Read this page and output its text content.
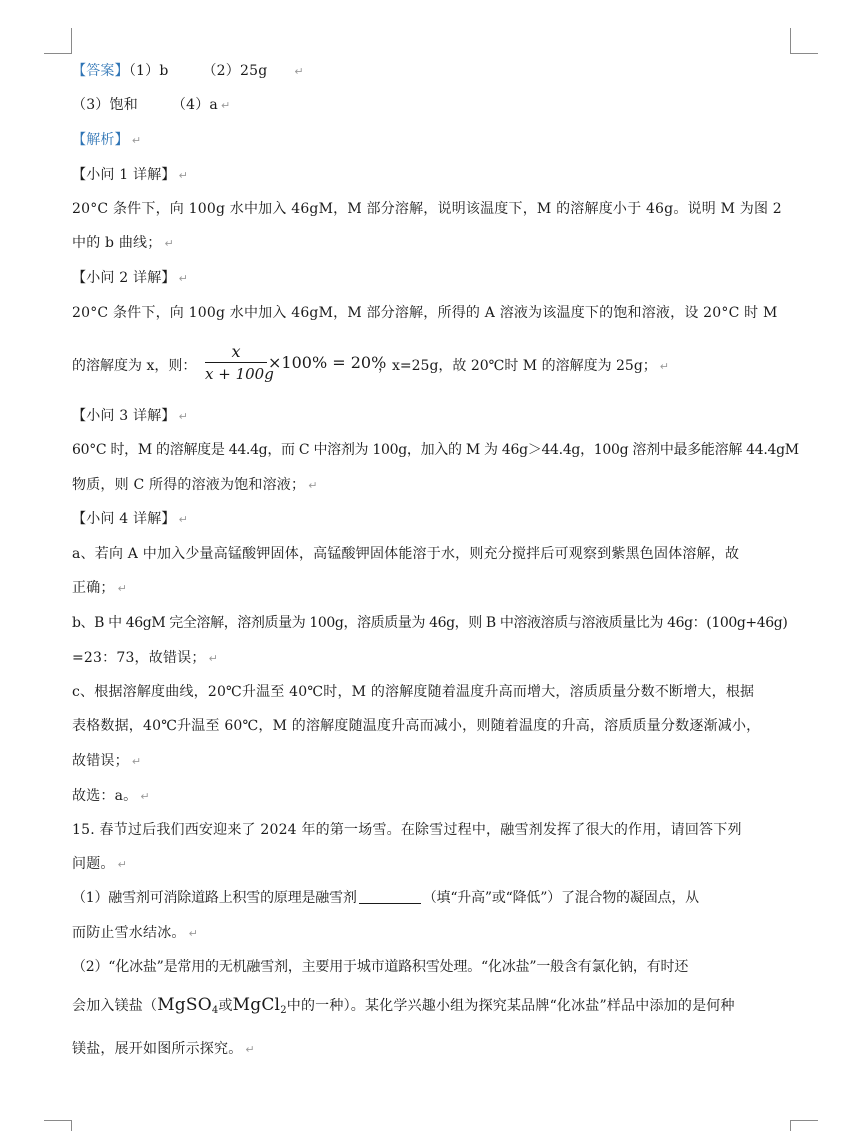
【答案】（1）b （2）25g ↵
（3）饱和 （4）a ↵
【解析】 ↵
【小问 1 详解】 ↵
20°C 条件下，向 100g 水中加入 46gM，M 部分溶解，说明该温度下，M 的溶解度小于 46g。说明 M 为图 2
中的 b 曲线； ↵
【小问 2 详解】 ↵
20°C 条件下，向 100g 水中加入 46gM，M 部分溶解，所得的 A 溶液为该温度下的饱和溶液，设 20°C 时 M
的溶解度为 x，则：
x
x + 100g
×100% = 20%
，x=25g，故 20℃时 M 的溶解度为 25g； ↵
【小问 3 详解】 ↵
60°C 时，M 的溶解度是 44.4g，而 C 中溶剂为 100g，加入的 M 为 46g＞44.4g，100g 溶剂中最多能溶解 44.4gM
物质，则 C 所得的溶液为饱和溶液； ↵
【小问 4 详解】 ↵
a、若向 A 中加入少量高锰酸钾固体，高锰酸钾固体能溶于水，则充分搅拌后可观察到紫黑色固体溶解，故
正确； ↵
b、B 中 46gM 完全溶解，溶剂质量为 100g，溶质质量为 46g，则 B 中溶液溶质与溶液质量比为 46g：(100g+46g)
=23：73，故错误； ↵
c、根据溶解度曲线，20℃升温至 40℃时，M 的溶解度随着温度升高而增大，溶质质量分数不断增大，根据
表格数据，40℃升温至 60℃，M 的溶解度随温度升高而减小，则随着温度的升高，溶质质量分数逐渐减小，
故错误； ↵
故选：a。 ↵
15. 春节过后我们西安迎来了 2024 年的第一场雪。在除雪过程中，融雪剂发挥了很大的作用，请回答下列
问题。 ↵
（1）融雪剂可消除道路上积雪的原理是融雪剂	（填“升高”或“降低”）了混合物的凝固点，从
而防止雪水结冰。 ↵
（2）“化冰盐”是常用的无机融雪剂，主要用于城市道路积雪处理。“化冰盐”一般含有氯化钠，有时还
会加入镁盐（MgSO$_4$或MgCl$_2$中的一种）。某化学兴趣小组为探究某品牌“化冰盐”样品中添加的是何种
镁盐，展开如图所示探究。 ↵
